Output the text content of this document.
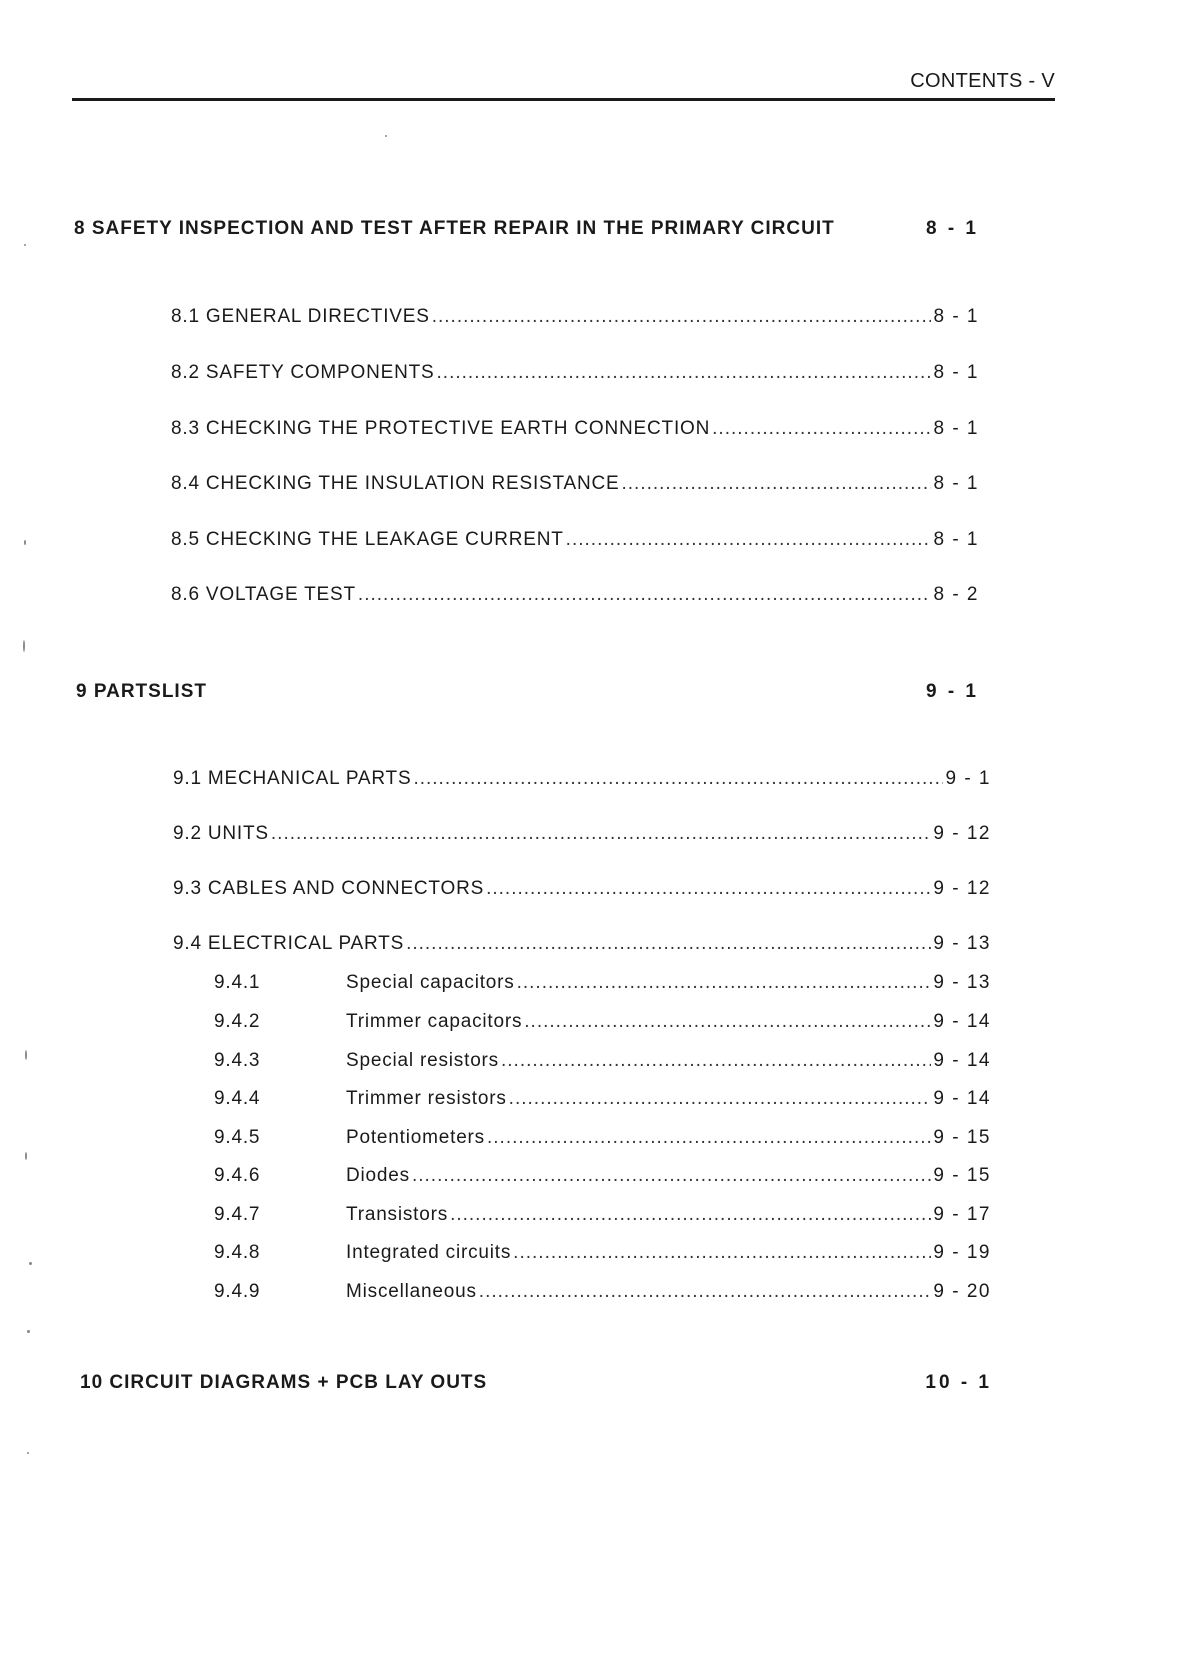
CONTENTS - V
8 SAFETY INSPECTION AND TEST AFTER REPAIR IN THE PRIMARY CIRCUIT	8 - 1
8.1 GENERAL DIRECTIVES .....	8 - 1
8.2 SAFETY COMPONENTS .....	8 - 1
8.3 CHECKING THE PROTECTIVE EARTH CONNECTION .....	8 - 1
8.4 CHECKING THE INSULATION RESISTANCE .....	8 - 1
8.5 CHECKING THE LEAKAGE CURRENT .....	8 - 1
8.6 VOLTAGE TEST .....	8 - 2
9 PARTSLIST	9 - 1
9.1 MECHANICAL PARTS .....	9 - 1
9.2 UNITS .....	9 - 12
9.3 CABLES AND CONNECTORS .....	9 - 12
9.4 ELECTRICAL PARTS .....	9 - 13
9.4.1	Special capacitors .....	9 - 13
9.4.2	Trimmer capacitors .....	9 - 14
9.4.3	Special resistors .....	9 - 14
9.4.4	Trimmer resistors .....	9 - 14
9.4.5	Potentiometers .....	9 - 15
9.4.6	Diodes .....	9 - 15
9.4.7	Transistors .....	9 - 17
9.4.8	Integrated circuits .....	9 - 19
9.4.9	Miscellaneous .....	9 - 20
10 CIRCUIT DIAGRAMS + PCB LAY OUTS	10 - 1
